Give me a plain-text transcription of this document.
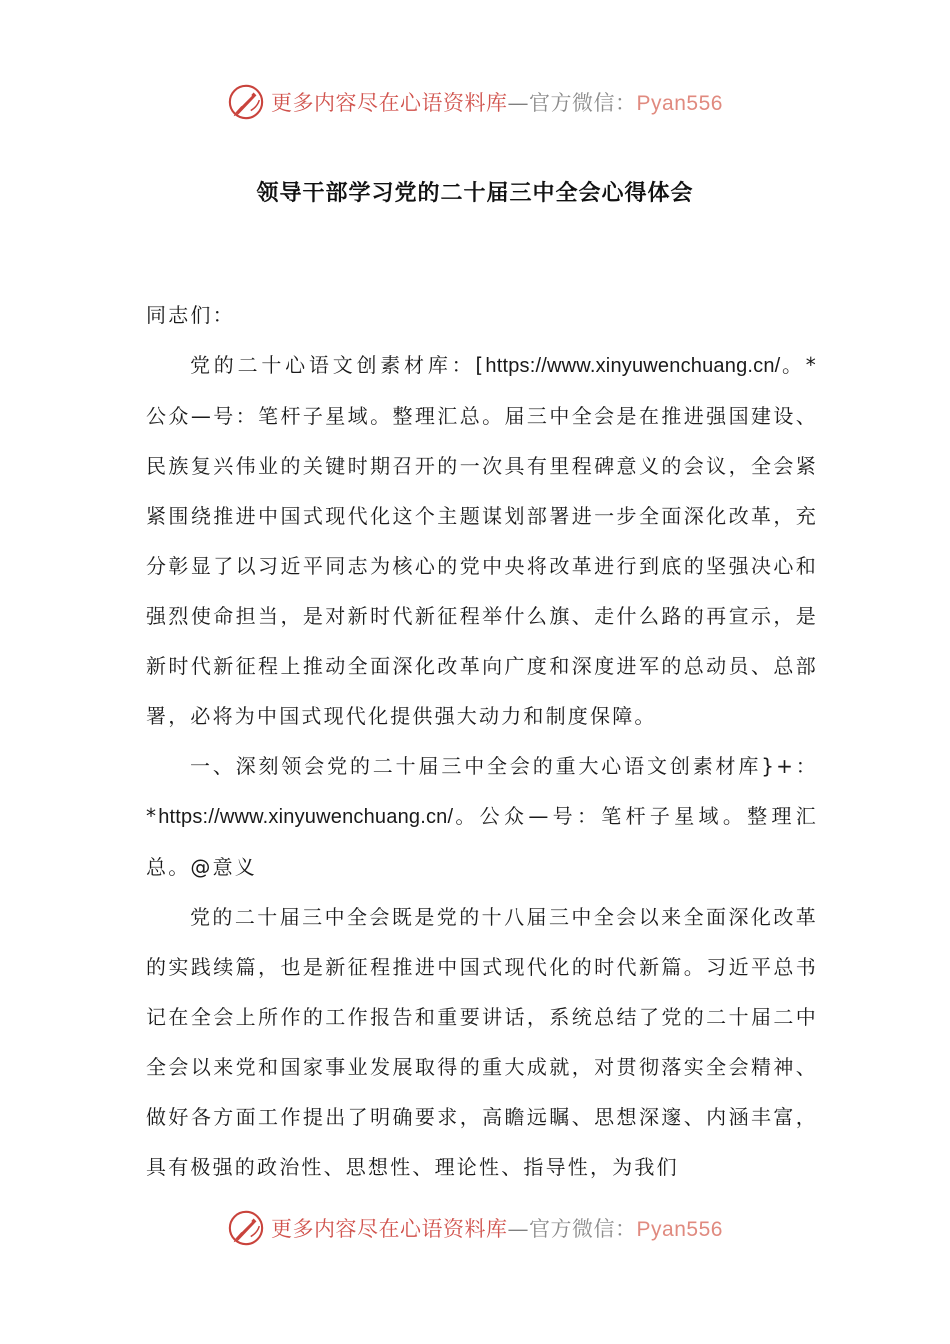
更多内容尽在心语资料库—官方微信：Pyan556
领导干部学习党的二十届三中全会心得体会

同志们：

党的二十心语文创素材库：[https://www.xinyuwenchuang.cn/。*公众—号：笔杆子星域。整理汇总。届三中全会是在推进强国建设、民族复兴伟业的关键时期召开的一次具有里程碑意义的会议，全会紧紧围绕推进中国式现代化这个主题谋划部署进一步全面深化改革，充分彰显了以习近平同志为核心的党中央将改革进行到底的坚强决心和强烈使命担当，是对新时代新征程举什么旗、走什么路的再宣示，是新时代新征程上推动全面深化改革向广度和深度进军的总动员、总部署，必将为中国式现代化提供强大动力和制度保障。

一、深刻领会党的二十届三中全会的重大心语文创素材库}+：*https://www.xinyuwenchuang.cn/。公众—号：笔杆子星域。整理汇总。@意义

党的二十届三中全会既是党的十八届三中全会以来全面深化改革的实践续篇，也是新征程推进中国式现代化的时代新篇。习近平总书记在全会上所作的工作报告和重要讲话，系统总结了党的二十届二中全会以来党和国家事业发展取得的重大成就，对贯彻落实全会精神、做好各方面工作提出了明确要求，高瞻远瞩、思想深邃、内涵丰富，具有极强的政治性、思想性、理论性、指导性，为我们

更多内容尽在心语资料库—官方微信：Pyan556
